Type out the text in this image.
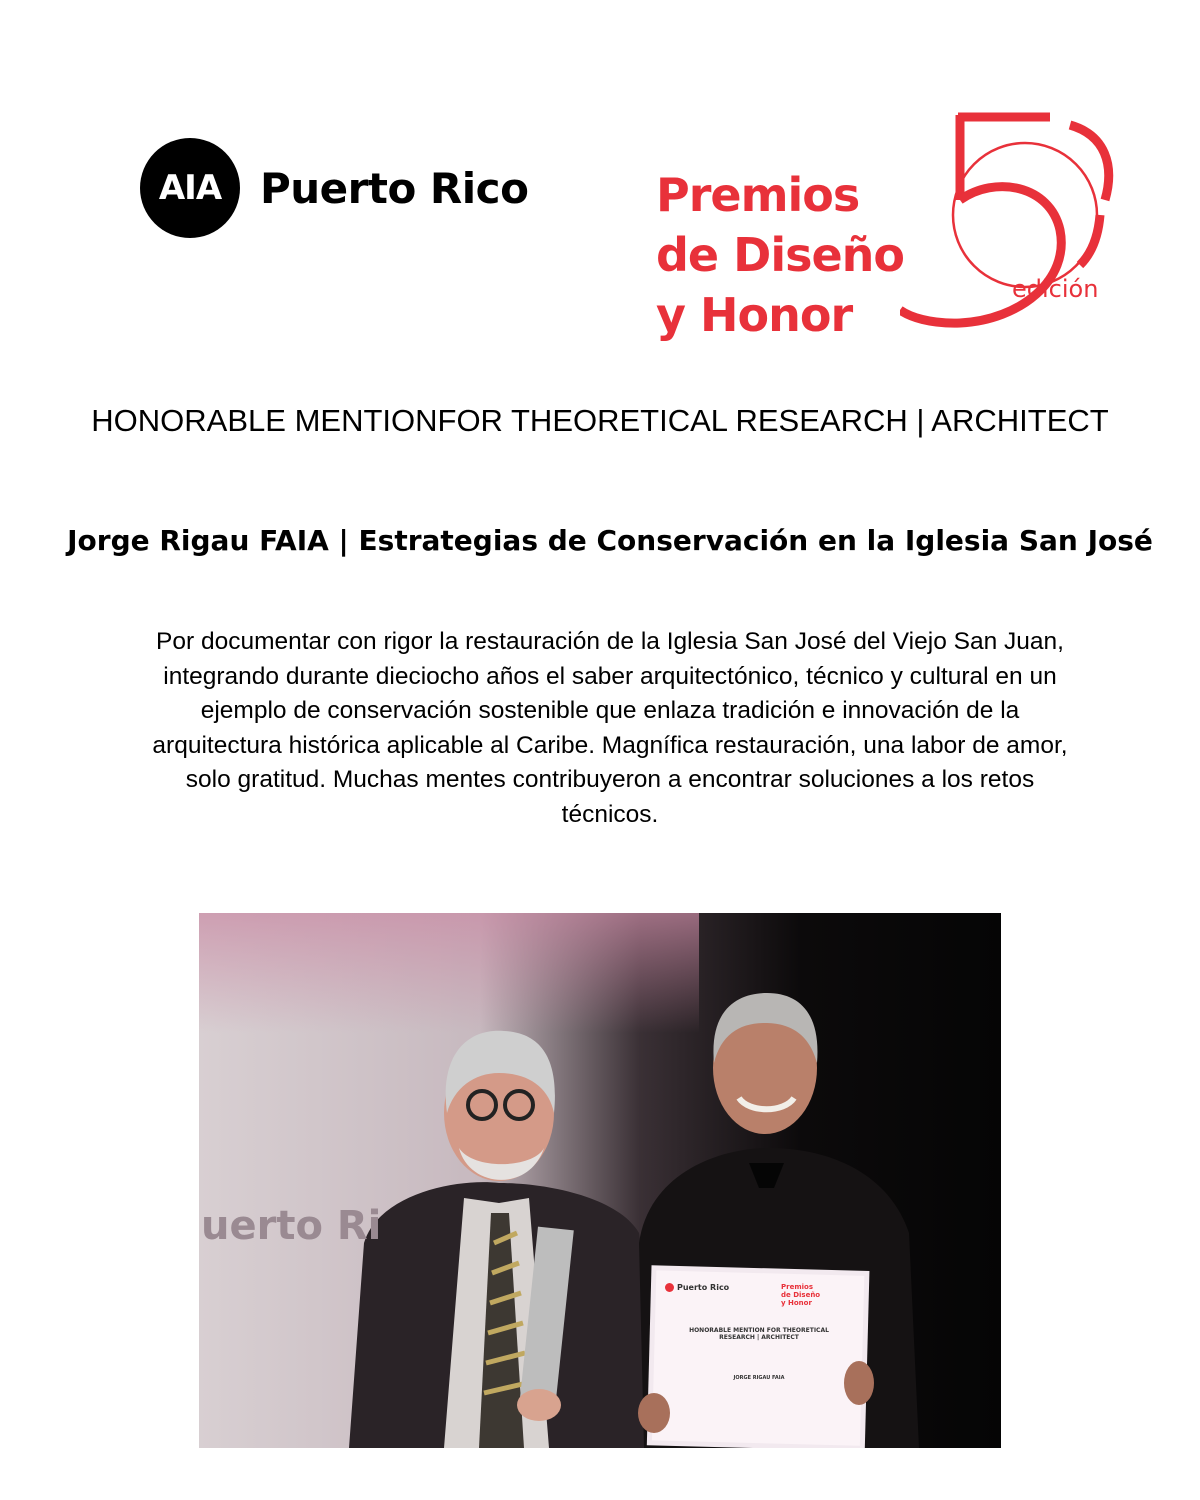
AIA Puerto Rico	Premios
de Diseño
y Honor	edición
HONORABLE MENTIONFOR THEORETICAL RESEARCH | ARCHITECT
Jorge Rigau FAIA | Estrategias de Conservación en la Iglesia San José

Por documentar con rigor la restauración de la Iglesia San José del Viejo San Juan, integrando durante dieciocho años el saber arquitectónico, técnico y cultural en un ejemplo de conservación sostenible que enlaza tradición e innovación de la arquitectura histórica aplicable al Caribe. Magnífica restauración, una labor de amor, solo gratitud. Muchas mentes contribuyeron a encontrar soluciones a los retos técnicos.

uerto Ri
Puerto Rico	Premios
de Diseño
y Honor
HONORABLE MENTION FOR THEORETICAL RESEARCH | ARCHITECT
JORGE RIGAU FAIA
